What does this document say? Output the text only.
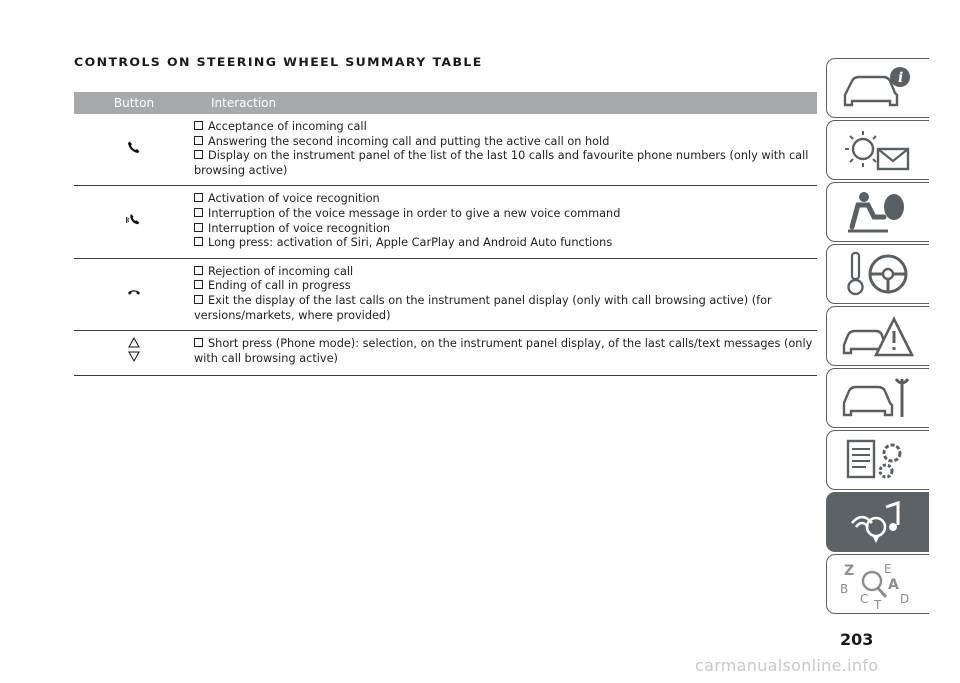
CONTROLS ON STEERING WHEEL SUMMARY TABLE
Button	Interaction
Acceptance of incoming call
Answering the second incoming call and putting the active call on hold
Display on the instrument panel of the list of the last 10 calls and favourite phone numbers (only with call browsing active)
Activation of voice recognition
Interruption of the voice message in order to give a new voice command
Interruption of voice recognition
Long press: activation of Siri, Apple CarPlay and Android Auto functions
Rejection of incoming call
Ending of call in progress
Exit the display of the last calls on the instrument panel display (only with call browsing active) (for versions/markets, where provided)
Short press (Phone mode): selection, on the instrument panel display, of the last calls/text messages (only with call browsing active)
i
Z E
A
B
C	D
T
203
carmanualsonline.info
